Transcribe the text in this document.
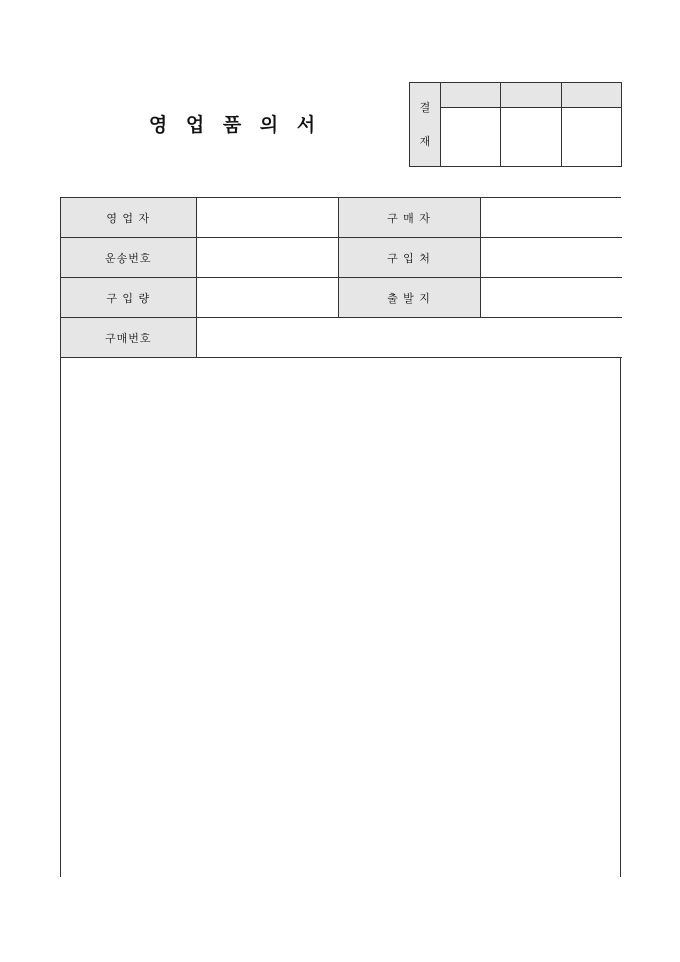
영 업 품 의 서
결
재			

영 업 자		구 매 자	
운송번호		구 입 처	
구 입 량		출 발 지	
구매번호			
